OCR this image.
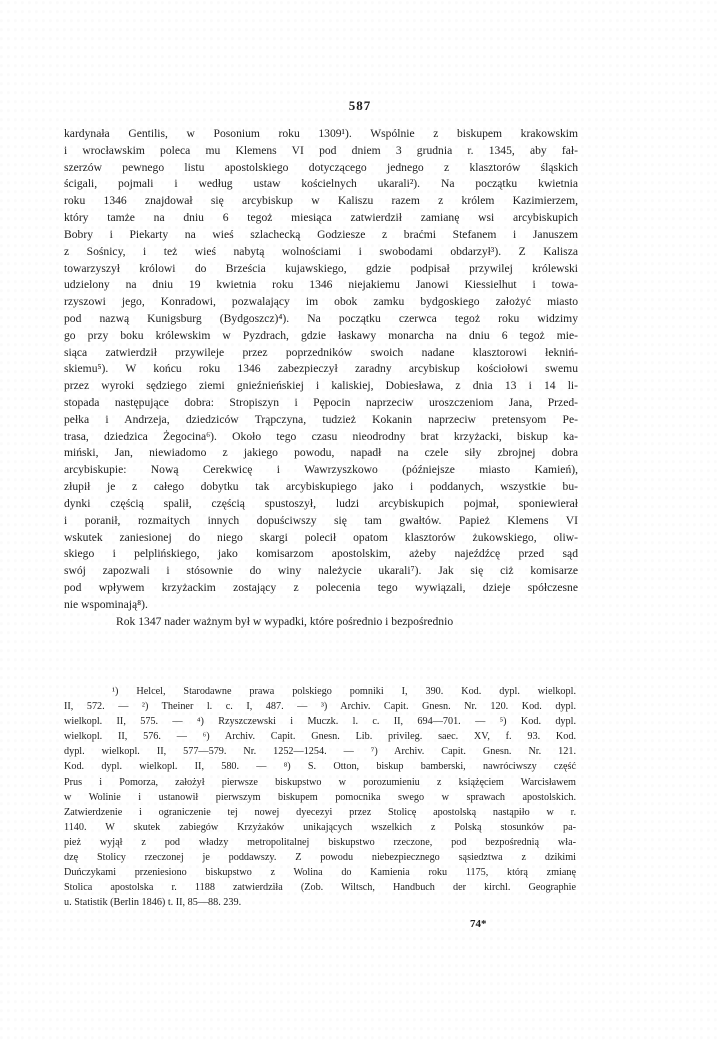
587
kardynała Gentilis, w Posonium roku 1309¹). Wspólnie z biskupem krakowskim
i wrocławskim poleca mu Klemens VI pod dniem 3 grudnia r. 1345, aby fał-
szerzów pewnego listu apostolskiego dotyczącego jednego z klasztorów śląskich
ścigali, pojmali i według ustaw kościelnych ukarali²). Na początku kwietnia
roku 1346 znajdował się arcybiskup w Kaliszu razem z królem Kazimierzem,
który tamże na dniu 6 tegoż miesiąca zatwierdził zamianę wsi arcybiskupich
Bobry i Piekarty na wieś szlachecką Godziesze z braćmi Stefanem i Januszem
z Sośnicy, i też wieś nabytą wolnościami i swobodami obdarzył³). Z Kalisza
towarzyszył królowi do Brześcia kujawskiego, gdzie podpisał przywilej królewski
udzielony na dniu 19 kwietnia roku 1346 niejakiemu Janowi Kiessielhut i towa-
rzyszowi jego, Konradowi, pozwalający im obok zamku bydgoskiego założyć miasto
pod nazwą Kunigsburg (Bydgoszcz)⁴). Na początku czerwca tegoż roku widzimy
go przy boku królewskim w Pyzdrach, gdzie łaskawy monarcha na dniu 6 tegoż mie-
siąca zatwierdził przywileje przez poprzedników swoich nadane klasztorowi łekniń-
skiemu⁵). W końcu roku 1346 zabezpieczył zaradny arcybiskup kościołowi swemu
przez wyroki sędziego ziemi gnieźnieńskiej i kaliskiej, Dobiesława, z dnia 13 i 14 li-
stopada następujące dobra: Stropiszyn i Pępocin naprzeciw uroszczeniom Jana, Przed-
pełka i Andrzeja, dziedziców Trąpczyna, tudzież Kokanin naprzeciw pretensyom Pe-
trasa, dziedzica Żegocina⁶). Około tego czasu nieodrodny brat krzyżacki, biskup ka-
miński, Jan, niewiadomo z jakiego powodu, napadł na czele siły zbrojnej dobra
arcybiskupie: Nową Cerekwicę i Wawrzyszkowo (późniejsze miasto Kamień),
złupił je z całego dobytku tak arcybiskupiego jako i poddanych, wszystkie bu-
dynki częścią spalił, częścią spustoszył, ludzi arcybiskupich pojmał, sponiewierał
i poranił, rozmaitych innych dopuściwszy się tam gwałtów. Papież Klemens VI
wskutek zaniesionej do niego skargi polecił opatom klasztorów żukowskiego, oliw-
skiego i pelplińskiego, jako komisarzom apostolskim, ażeby najeźdźcę przed sąd
swój zapozwali i stósownie do winy należycie ukarali⁷). Jak się ciż komisarze
pod wpływem krzyżackim zostający z polecenia tego wywiązali, dzieje spółczesne
nie wspominają⁸).
Rok 1347 nader ważnym był w wypadki, które pośrednio i bezpośrednio
¹) Helcel, Starodawne prawa polskiego pomniki I, 390. Kod. dypl. wielkopl.
II, 572. — ²) Theiner l. c. I, 487. — ³) Archiv. Capit. Gnesn. Nr. 120. Kod. dypl.
wielkopl. II, 575. — ⁴) Rzyszczewski i Muczk. l. c. II, 694—701. — ⁵) Kod. dypl.
wielkopl. II, 576. — ⁶) Archiv. Capit. Gnesn. Lib. privileg. saec. XV, f. 93. Kod.
dypl. wielkopl. II, 577—579. Nr. 1252—1254. — ⁷) Archiv. Capit. Gnesn. Nr. 121.
Kod. dypl. wielkopl. II, 580. — ⁸) S. Otton, biskup bamberski, nawróciwszy część
Prus i Pomorza, założył pierwsze biskupstwo w porozumieniu z książęciem Warcisławem
w Wolinie i ustanowił pierwszym biskupem pomocnika swego w sprawach apostolskich.
Zatwierdzenie i ograniczenie tej nowej dyecezyi przez Stolicę apostolską nastąpiło w r.
1140. W skutek zabiegów Krzyżaków unikających wszelkich z Polską stosunków pa-
pież wyjął z pod władzy metropolitalnej biskupstwo rzeczone, pod bezpośrednią wła-
dzę Stolicy rzeczonej je poddawszy. Z powodu niebezpiecznego sąsiedztwa z dzikimi
Duńczykami przeniesiono biskupstwo z Wolina do Kamienia roku 1175, którą zmianę
Stolica apostolska r. 1188 zatwierdziła (Zob. Wiltsch, Handbuch der kirchl. Geographie
u. Statistik (Berlin 1846) t. II, 85—88. 239.
74*
